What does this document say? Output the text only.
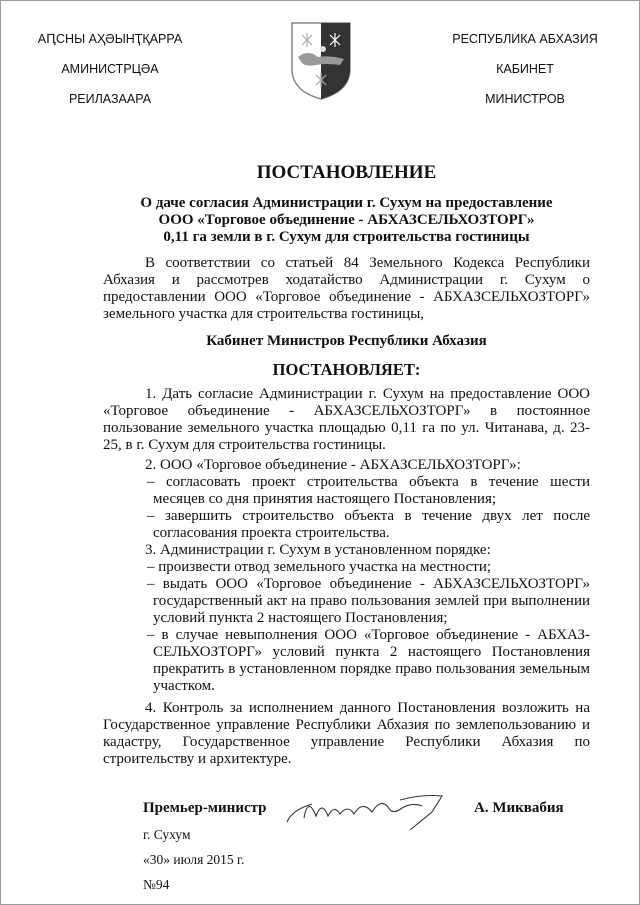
АԤСНЫ АҲӘЫНҬҚАРРА
АМИНИСТРЦӘА
РЕИЛАЗААРА
РЕСПУБЛИКА АБХАЗИЯ
КАБИНЕТ
МИНИСТРОВ
ПОСТАНОВЛЕНИЕ

О даче согласия Администрации г. Сухум на предоставление

ООО «Торговое объединение - АБХАЗСЕЛЬХОЗТОРГ»

0,11 га земли в г. Сухум для строительства гостиницы

В соответствии со статьей 84 Земельного Кодекса Республики Абхазия и рассмотрев ходатайство Администрации г. Сухум о предоставлении ООО «Торговое объединение - АБХАЗСЕЛЬХОЗТОРГ» земельного участка для строительства гостиницы,
Кабинет Министров Республики Абхазия
ПОСТАНОВЛЯЕТ:
1. Дать согласие Администрации г. Сухум на предоставление ООО «Торговое объединение - АБХАЗСЕЛЬХОЗТОРГ» в постоянное пользование земельного участка площадью 0,11 га по ул. Читанава, д. 23-25, в г. Сухум для строительства гостиницы.
2. ООО «Торговое объединение - АБХАЗСЕЛЬХОЗТОРГ»:

– согласовать проект строительства объекта в течение шести месяцев со дня принятия настоящего Постановления;

– завершить строительство объекта в течение двух лет после согласования проекта строительства.

3. Администрации г. Сухум в установленном порядке:

– произвести отвод земельного участка на местности;

– выдать ООО «Торговое объединение - АБХАЗСЕЛЬХОЗТОРГ» государственный акт на право пользования землей при выполнении условий пункта 2 настоящего Постановления;

– в случае невыполнения ООО «Торговое объединение - АБХАЗ-СЕЛЬХОЗТОРГ» условий пункта 2 настоящего Постановления прекратить в установленном порядке право пользования земельным участком.

4. Контроль за исполнением данного Постановления возложить на Государственное управление Республики Абхазия по землепользованию и кадастру, Государственное управление Республики Абхазия по строительству и архитектуре.
Премьер-министр	А. Миквабия
г. Сухум
«30» июля 2015 г.
№94
